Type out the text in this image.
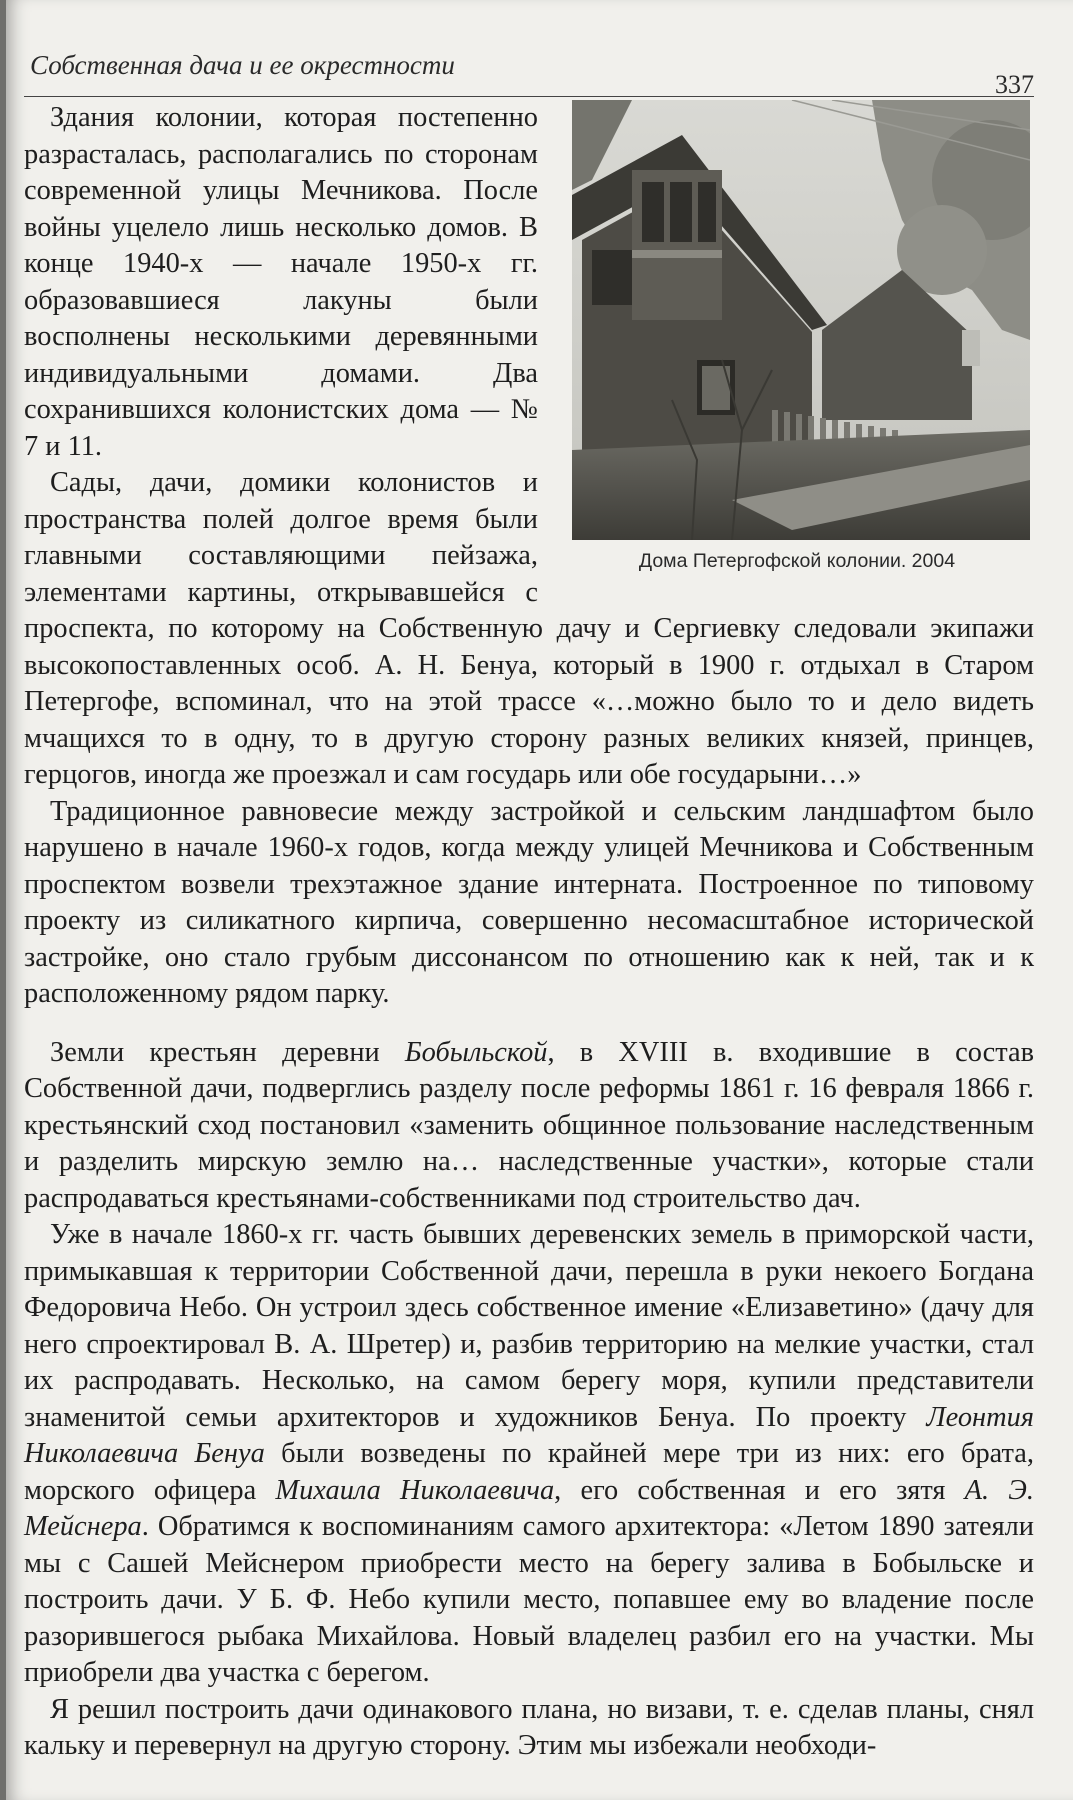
Собственная дача и ее окрестности
337
Дома Петергофской колонии. 2004

Здания колонии, которая постепенно разрасталась, располагались по сторонам современной улицы Мечникова. После войны уцелело лишь несколько домов. В конце 1940-х — начале 1950-х гг. образовавшиеся лакуны были восполнены несколькими деревянными индивидуальными домами. Два сохранившихся колонистских дома — № 7 и 11.

Сады, дачи, домики колонистов и пространства полей долгое время были главными составляющими пейзажа, элементами картины, открывавшейся с проспекта, по которому на Собственную дачу и Сергиевку следовали экипажи высокопоставленных особ. А. Н. Бенуа, который в 1900 г. отдыхал в Старом Петергофе, вспоминал, что на этой трассе «…можно было то и дело видеть мчащихся то в одну, то в другую сторону разных великих князей, принцев, герцогов, иногда же проезжал и сам государь или обе государыни…»

Традиционное равновесие между застройкой и сельским ландшафтом было нарушено в начале 1960-х годов, когда между улицей Мечникова и Собственным проспектом возвели трехэтажное здание интерната. Построенное по типовому проекту из силикатного кирпича, совершенно несомасштабное исторической застройке, оно стало грубым диссонансом по отношению как к ней, так и к расположенному рядом парку.

Земли крестьян деревни Бобыльской, в XVIII в. входившие в состав Собственной дачи, подверглись разделу после реформы 1861 г. 16 февраля 1866 г. крестьянский сход постановил «заменить общинное пользование наследственным и разделить мирскую землю на… наследственные участки», которые стали распродаваться крестьянами-собственниками под строительство дач.

Уже в начале 1860-х гг. часть бывших деревенских земель в приморской части, примыкавшая к территории Собственной дачи, перешла в руки некоего Богдана Федоровича Небо. Он устроил здесь собственное имение «Елизаветино» (дачу для него спроектировал В. А. Шретер) и, разбив территорию на мелкие участки, стал их распродавать. Несколько, на самом берегу моря, купили представители знаменитой семьи архитекторов и художников Бенуа. По проекту Леонтия Николаевича Бенуа были возведены по крайней мере три из них: его брата, морского офицера Михаила Николаевича, его собственная и его зятя А. Э. Мейснера. Обратимся к воспоминаниям самого архитектора: «Летом 1890 затеяли мы с Сашей Мейснером приобрести место на берегу залива в Бобыльске и построить дачи. У Б. Ф. Небо купили место, попавшее ему во владение после разорившегося рыбака Михайлова. Новый владелец разбил его на участки. Мы приобрели два участка с берегом.

Я решил построить дачи одинакового плана, но визави, т. е. сделав планы, снял кальку и перевернул на другую сторону. Этим мы избежали необходи-
